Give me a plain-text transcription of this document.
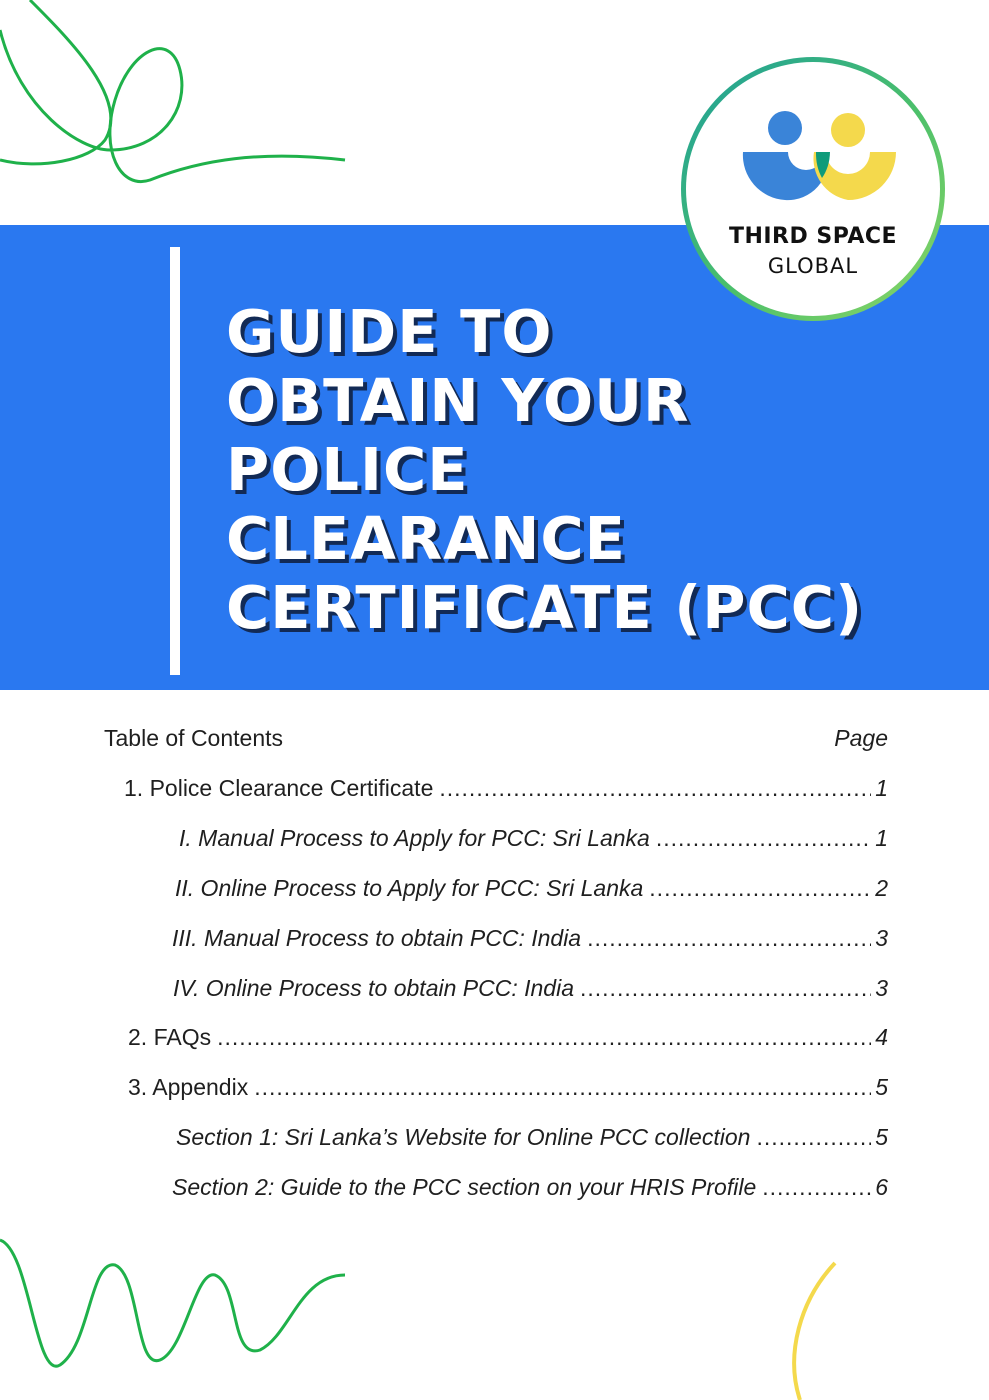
GUIDE TO
OBTAIN YOUR
POLICE
CLEARANCE
CERTIFICATE (PCC)
THIRD SPACE
GLOBAL
Table of Contents	Page
1. Police Clearance Certificate .....	1
I. Manual Process to Apply for PCC: Sri Lanka .....	1
II. Online Process to Apply for PCC: Sri Lanka .....	2
III. Manual Process to obtain PCC: India .....	3
IV. Online Process to obtain PCC: India .....	3
2. FAQs .....	4
3. Appendix .....	5
Section 1: Sri Lanka’s Website for Online PCC collection .....	5
Section 2: Guide to the PCC section on your HRIS Profile .....	6
